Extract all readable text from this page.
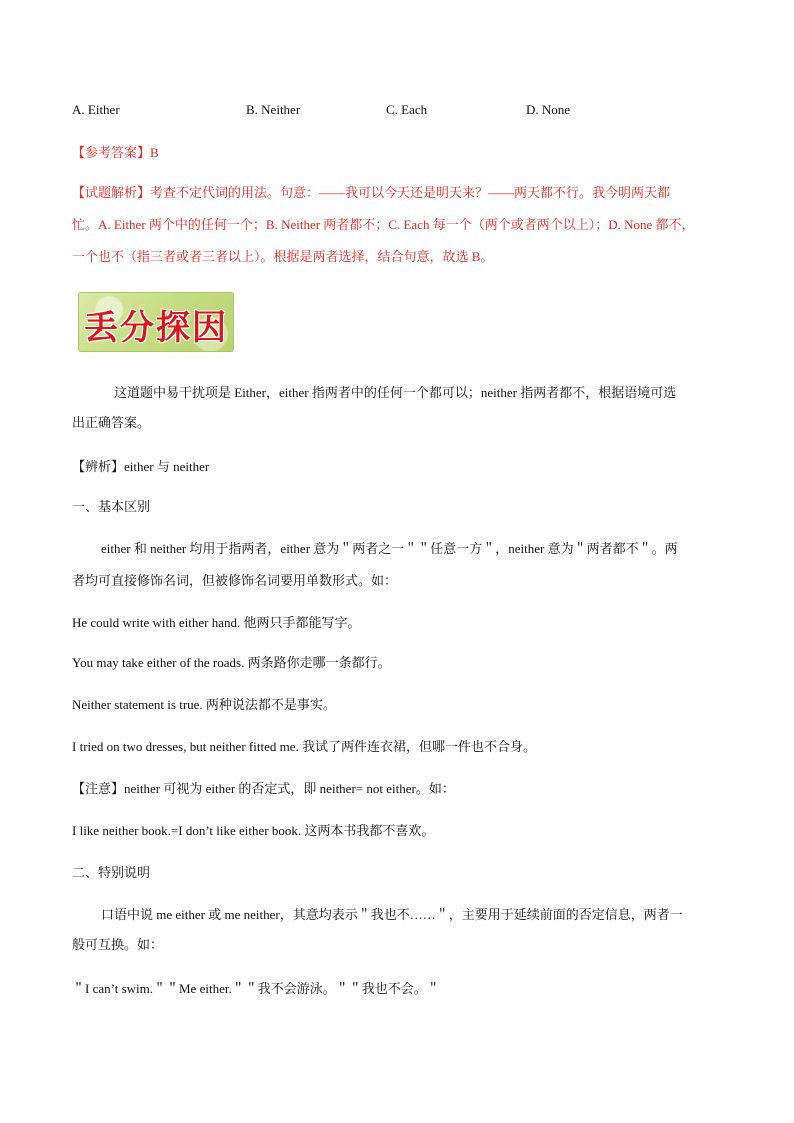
A. Either	B. Neither	C. Each	D. None
【参考答案】B
【试题解析】考查不定代词的用法。句意：——我可以今天还是明天来？——两天都不行。我今明两天都
忙。A. Either 两个中的任何一个；B. Neither 两者都不；C. Each 每一个（两个或者两个以上）；D. None 都不，
一个也不（指三者或者三者以上）。根据是两者选择，结合句意，故选 B。
丢分探因
这道题中易干扰项是 Either，either 指两者中的任何一个都可以；neither 指两者都不，根据语境可选
出正确答案。
【辨析】either 与 neither
一、基本区别
either 和 neither 均用于指两者，either 意为＂两者之一＂＂任意一方＂，neither 意为＂两者都不＂。两
者均可直接修饰名词，但被修饰名词要用单数形式。如：
He could write with either hand. 他两只手都能写字。
You may take either of the roads. 两条路你走哪一条都行。
Neither statement is true. 两种说法都不是事实。
I tried on two dresses, but neither fitted me. 我试了两件连衣裙，但哪一件也不合身。
【注意】neither 可视为 either 的否定式，即 neither= not either。如：
I like neither book.=I don’t like either book. 这两本书我都不喜欢。
二、特别说明
口语中说 me either 或 me neither，其意均表示＂我也不……＂，主要用于延续前面的否定信息，两者一
般可互换。如：
＂I can’t swim.＂＂Me either.＂＂我不会游泳。＂＂我也不会。＂
